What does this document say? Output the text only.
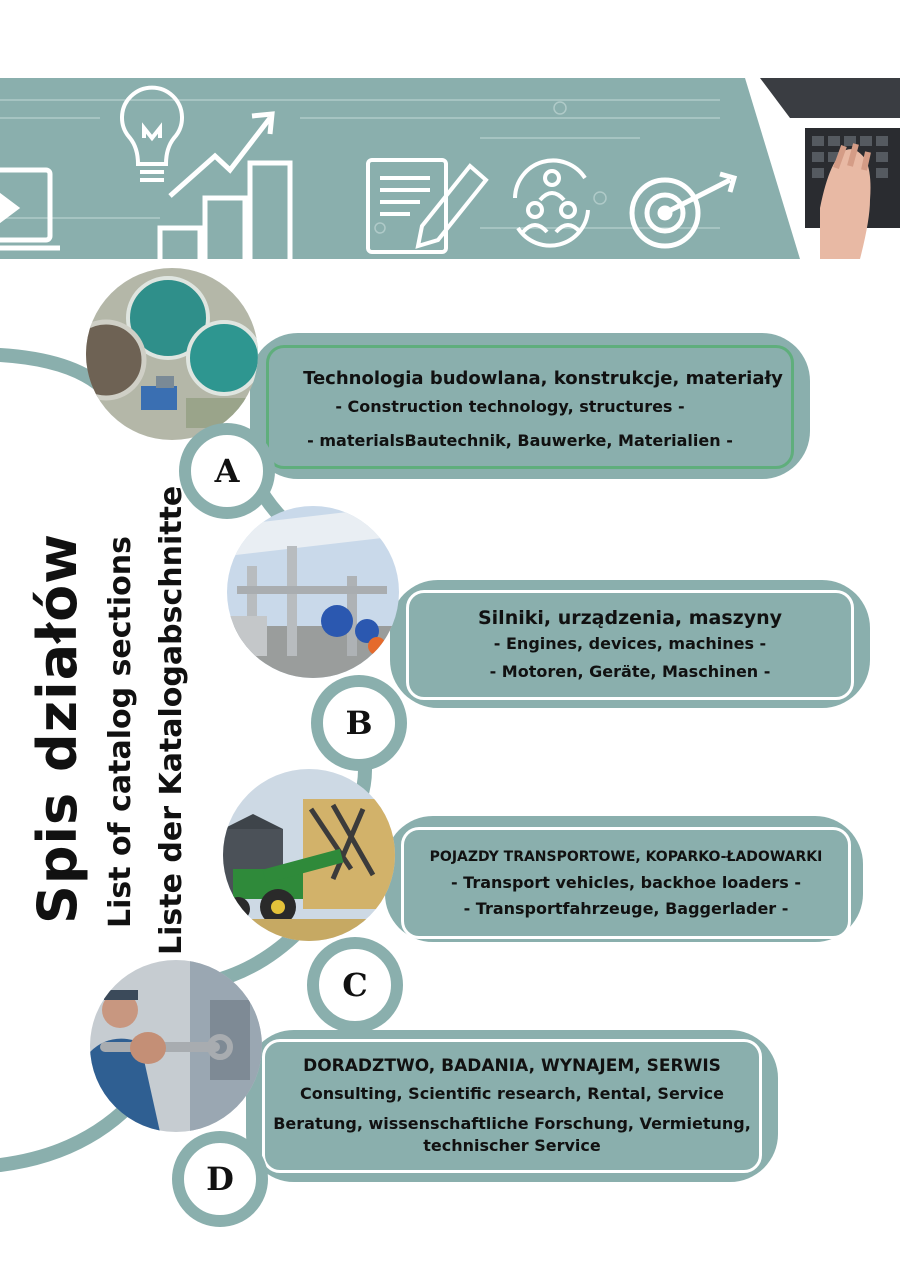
Spis działów List of catalog sections Liste der Katalogabschnitte
Technologia budowlana, konstrukcje, materiały
- Construction technology, structures -
- materialsBautechnik, Bauwerke, Materialien -
A
Silniki, urządzenia, maszyny
- Engines, devices, machines -
- Motoren, Geräte, Maschinen -
B
POJAZDY TRANSPORTOWE, KOPARKO-ŁADOWARKI
- Transport vehicles, backhoe loaders -
- Transportfahrzeuge, Baggerlader -
C
DORADZTWO, BADANIA, WYNAJEM, SERWIS
Consulting, Scientific research, Rental, Service
Beratung, wissenschaftliche Forschung, Vermietung,
technischer Service
D
